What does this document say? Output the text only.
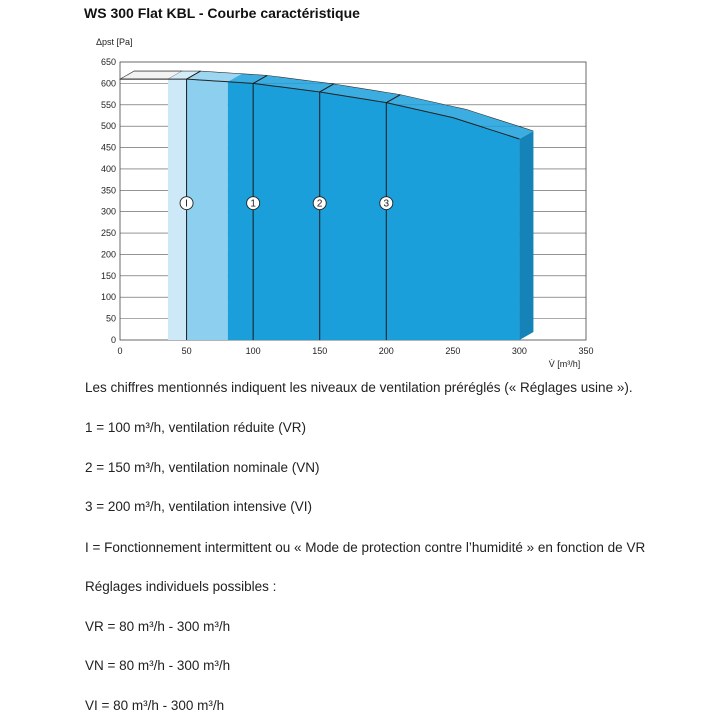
WS 300 Flat KBL - Courbe caractéristique
0
50
100
150
200
250
300
350
400
450
500
550
600
650
0	50	100	150	200	250	300	350
Δpst [Pa]
V̇ [m³/h]
I	1	2	3
Les chiffres mentionnés indiquent les niveaux de ventilation préréglés (« Réglages usine »).
1 = 100 m³/h, ventilation réduite (VR)
2 = 150 m³/h, ventilation nominale (VN)
3 = 200 m³/h, ventilation intensive (VI)
I = Fonctionnement intermittent ou « Mode de protection contre l’humidité » en fonction de VR
Réglages individuels possibles :
VR = 80 m³/h - 300 m³/h
VN = 80 m³/h - 300 m³/h
VI = 80 m³/h - 300 m³/h
